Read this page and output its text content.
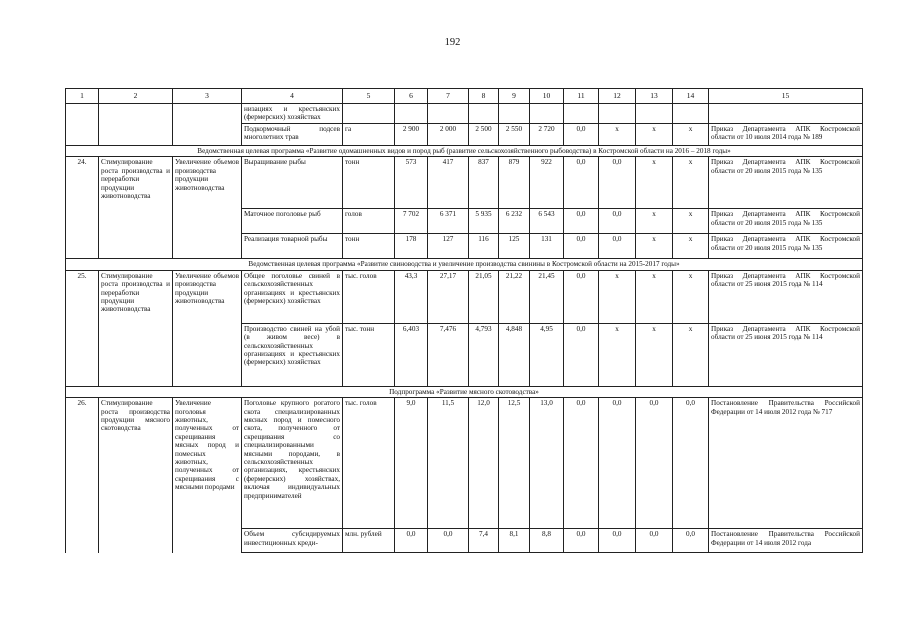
192
1	2	3	4	5	6	7	8	9	10	11	12	13	14	15
			низациях и крестьянских (фермерских) хозяйствах											
			Подкормочный подсев многолетних трав	га	2 900	2 000	2 500	2 550	2 720	0,0	х	х	х	Приказ Департамента АПК Костромской области от 10 июля 2014 года № 189
Ведомственная целевая программа «Развитие одомашненных видов и пород рыб (развитие сельскохозяйственного рыбоводства) в Костромской области на 2016 – 2018 годы»														
24.	Стимулирование роста производства и переработки продукции животноводства	Увеличение объемов производства продукции животноводства	Выращивание рыбы	тонн	573	417	837	879	922	0,0	0,0	х	х	Приказ Департамента АПК Костромской области от 20 июля 2015 года № 135
			Маточное поголовье рыб	голов	7 702	6 371	5 935	6 232	6 543	0,0	0,0	х	х	Приказ Департамента АПК Костромской области от 20 июля 2015 года № 135
			Реализация товарной рыбы	тонн	178	127	116	125	131	0,0	0,0	х	х	Приказ Департамента АПК Костромской области от 20 июля 2015 года № 135
Ведомственная целевая программа «Развитие свиноводства и увеличение производства свинины в Костромской области на 2015-2017 годы»														
25.	Стимулирование роста производства и переработки продукции животноводства	Увеличение объемов производства продукции животноводства	Общее поголовье свиней в сельскохозяйственных организациях и крестьянских (фермерских) хозяйствах	тыс. голов	43,3	27,17	21,05	21,22	21,45	0,0	х	х	х	Приказ Департамента АПК Костромской области от 25 июня 2015 года № 114
			Производство свиней на убой (в живом весе) в сельскохозяйственных организациях и крестьянских (фермерских) хозяйствах	тыс. тонн	6,403	7,476	4,793	4,848	4,95	0,0	х	х	х	Приказ Департамента АПК Костромской области от 25 июня 2015 года № 114
Подпрограмма «Развитие мясного скотоводства»														
26.	Стимулирование роста производства продукции мясного скотоводства	Увеличение поголовья животных, полученных от скрещивания мясных пород и помесных животных, полученных от скрещивания с мясными породами	Поголовье крупного рогатого скота специализированных мясных пород и помесного скота, полученного от скрещивания со специализированными мясными породами, в сельскохозяйственных организациях, крестьянских (фермерских) хозяйствах, включая индивидуальных предпринимателей	тыс. голов	9,0	11,5	12,0	12,5	13,0	0,0	0,0	0,0	0,0	Постановление Правительства Российской Федерации от 14 июля 2012 года № 717
			Объем субсидируемых инвестиционных креди-	млн. рублей	0,0	0,0	7,4	8,1	8,8	0,0	0,0	0,0	0,0	Постановление Правительства Российской Федерации от 14 июля 2012 года
